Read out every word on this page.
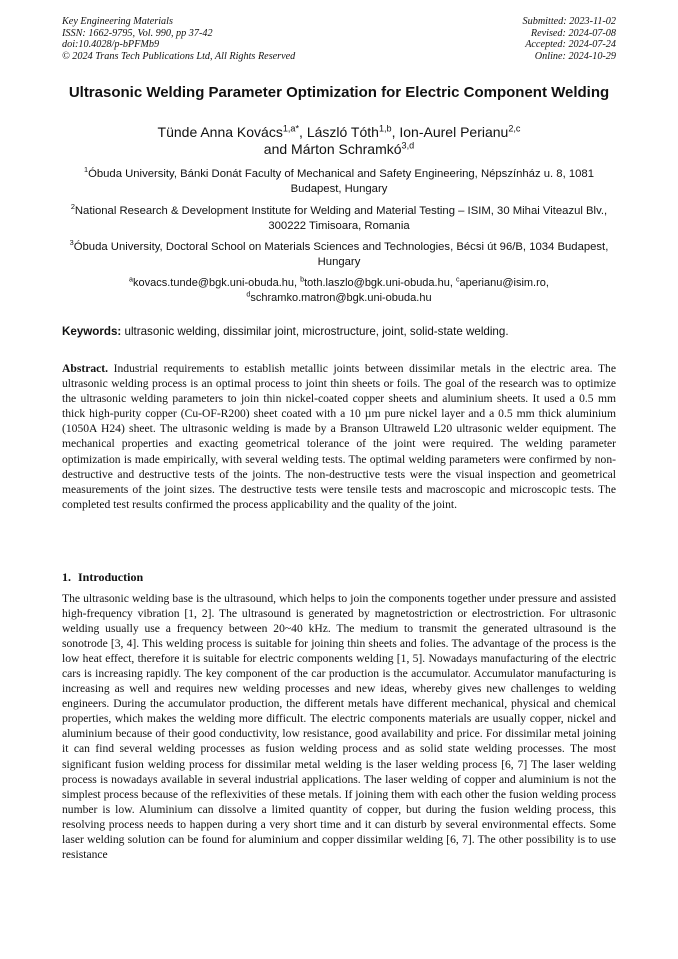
Key Engineering Materials
ISSN: 1662-9795, Vol. 990, pp 37-42
doi:10.4028/p-bPFMb9
© 2024 Trans Tech Publications Ltd, All Rights Reserved
Submitted: 2023-11-02
Revised: 2024-07-08
Accepted: 2024-07-24
Online: 2024-10-29
Ultrasonic Welding Parameter Optimization for Electric Component Welding
Tünde Anna Kovács$^{1,a*}$, László Tóth$^{1,b}$, Ion-Aurel Perianu$^{2,c}$
and Márton Schramkó$^{3,d}$
$^1$Óbuda University, Bánki Donát Faculty of Mechanical and Safety Engineering, Népszínház u. 8, 1081 Budapest, Hungary
$^2$National Research & Development Institute for Welding and Material Testing – ISIM, 30 Mihai Viteazul Blv., 300222 Timisoara, Romania
$^3$Óbuda University, Doctoral School on Materials Sciences and Technologies, Bécsi út 96/B, 1034 Budapest, Hungary
$^a$kovacs.tunde@bgk.uni-obuda.hu, $^b$toth.laszlo@bgk.uni-obuda.hu, $^c$aperianu@isim.ro,
$^d$schramko.matron@bgk.uni-obuda.hu
Keywords: ultrasonic welding, dissimilar joint, microstructure, joint, solid-state welding.

Abstract. Industrial requirements to establish metallic joints between dissimilar metals in the electric area. The ultrasonic welding process is an optimal process to joint thin sheets or foils. The goal of the research was to optimize the ultrasonic welding parameters to join thin nickel-coated copper sheets and aluminium sheets. It used a 0.5 mm thick high-purity copper (Cu-OF-R200) sheet coated with a 10 µm pure nickel layer and a 0.5 mm thick aluminium (1050A H24) sheet. The ultrasonic welding is made by a Branson Ultraweld L20 ultrasonic welder equipment. The mechanical properties and exacting geometrical tolerance of the joint were required. The welding parameter optimization is made empirically, with several welding tests. The optimal welding parameters were confirmed by non-destructive and destructive tests of the joints. The non-destructive tests were the visual inspection and geometrical measurements of the joint sizes. The destructive tests were tensile tests and macroscopic and microscopic tests. The completed test results confirmed the process applicability and the quality of the joint.

1. Introduction

The ultrasonic welding base is the ultrasound, which helps to join the components together under pressure and assisted high-frequency vibration [1, 2]. The ultrasound is generated by magnetostriction or electrostriction. For ultrasonic welding usually use a frequency between 20~40 kHz. The medium to transmit the generated ultrasound is the sonotrode [3, 4]. This welding process is suitable for joining thin sheets and folies. The advantage of the process is the low heat effect, therefore it is suitable for electric components welding [1, 5]. Nowadays manufacturing of the electric cars is increasing rapidly. The key component of the car production is the accumulator. Accumulator manufacturing is increasing as well and requires new welding processes and new ideas, whereby gives new challenges to welding engineers. During the accumulator production, the different metals have different mechanical, physical and chemical properties, which makes the welding more difficult. The electric components materials are usually copper, nickel and aluminium because of their good conductivity, low resistance, good availability and price. For dissimilar metal joining it can find several welding processes as fusion welding process and as solid state welding processes. The most significant fusion welding process for dissimilar metal welding is the laser welding process [6, 7] The laser welding process is nowadays available in several industrial applications. The laser welding of copper and aluminium is not the simplest process because of the reflexivities of these metals. If joining them with each other the fusion welding process number is low. Aluminium can dissolve a limited quantity of copper, but during the fusion welding process, this resolving process needs to happen during a very short time and it can disturb by several environmental effects. Some laser welding solution can be found for aluminium and copper dissimilar welding [6, 7]. The other possibility is to use resistance
